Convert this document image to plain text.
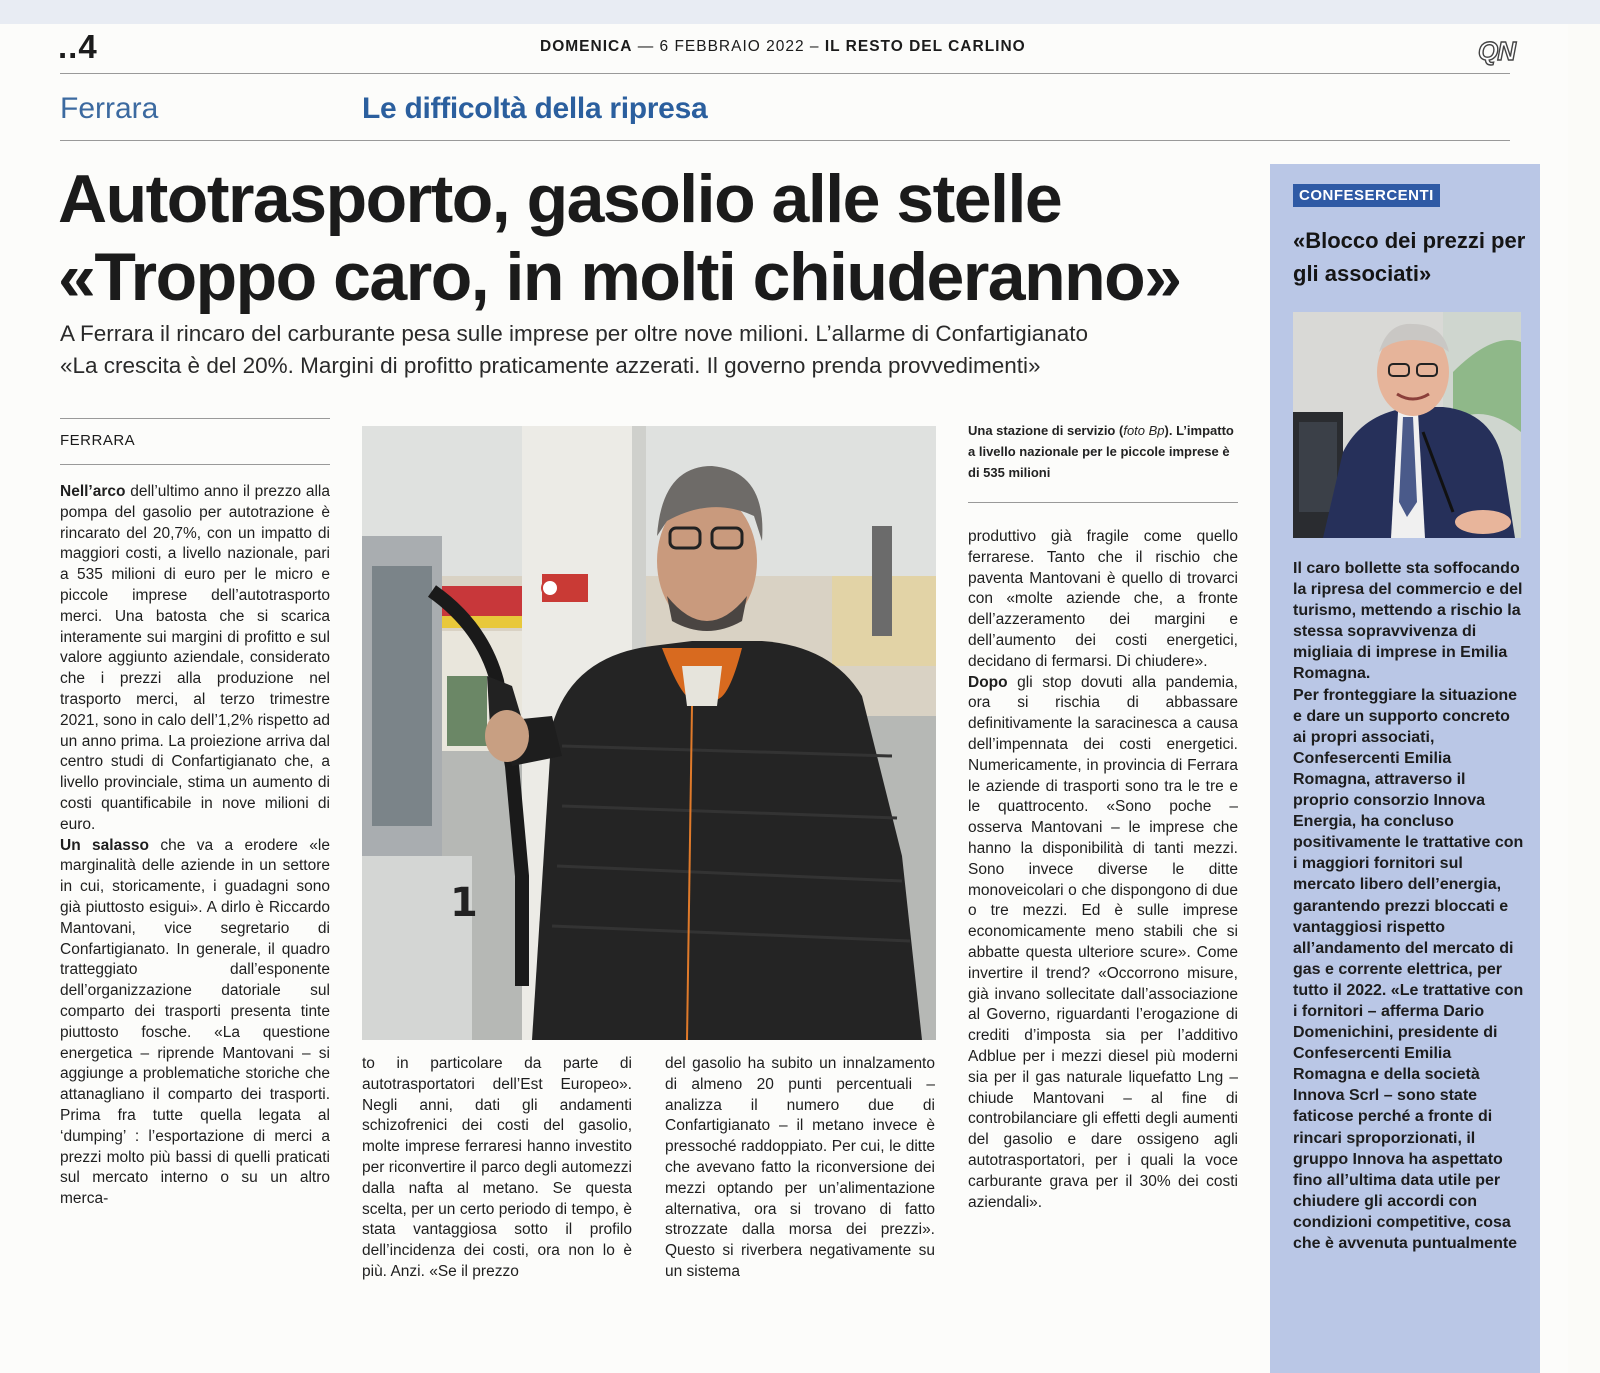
..4	DOMENICA — 6 FEBBRAIO 2022 – IL RESTO DEL CARLINO	QN
Ferrara	Le difficoltà della ripresa
Autotrasporto, gasolio alle stelle
«Troppo caro, in molti chiuderanno»
A Ferrara il rincaro del carburante pesa sulle imprese per oltre nove milioni. L’allarme di Confartigianato
«La crescita è del 20%. Margini di profitto praticamente azzerati. Il governo prenda provvedimenti»
FERRARA

Nell’arco dell’ultimo anno il prezzo alla pompa del gasolio per autotrazione è rincarato del 20,7%, con un impatto di maggiori costi, a livello nazionale, pari a 535 milioni di euro per le micro e piccole imprese dell’autotrasporto merci. Una batosta che si scarica interamente sui margini di profitto e sul valore aggiunto aziendale, considerato che i prezzi alla produzione nel trasporto merci, al terzo trimestre 2021, sono in calo dell’1,2% rispetto ad un anno prima. La proiezione arriva dal centro studi di Confartigianato che, a livello provinciale, stima un aumento di costi quantificabile in nove milioni di euro.

Un salasso che va a erodere «le marginalità delle aziende in un settore in cui, storicamente, i guadagni sono già piuttosto esigui». A dirlo è Riccardo Mantovani, vice segretario di Confartigianato. In generale, il quadro tratteggiato dall’esponente dell’organizzazione datoriale sul comparto dei trasporti presenta tinte piuttosto fosche. «La questione energetica – riprende Mantovani – si aggiunge a problematiche storiche che attanagliano il comparto dei trasporti. Prima fra tutte quella legata al ‘dumping’ : l’esportazione di merci a prezzi molto più bassi di quelli praticati sul mercato interno o su un altro merca-

1
Una stazione di servizio (foto Bp). L’impatto a livello nazionale per le piccole imprese è di 535 milioni

to in particolare da parte di autotrasportatori dell’Est Europeo». Negli anni, dati gli andamenti schizofrenici dei costi del gasolio, molte imprese ferraresi hanno investito per riconvertire il parco degli automezzi dalla nafta al metano. Se questa scelta, per un certo periodo di tempo, è stata vantaggiosa sotto il profilo dell’incidenza dei costi, ora non lo è più. Anzi. «Se il prezzo

del gasolio ha subito un innalzamento di almeno 20 punti percentuali – analizza il numero due di Confartigianato – il metano invece è pressoché raddoppiato. Per cui, le ditte che avevano fatto la riconversione dei mezzi optando per un’alimentazione alternativa, ora si trovano di fatto strozzate dalla morsa dei prezzi». Questo si riverbera negativamente su un sistema

produttivo già fragile come quello ferrarese. Tanto che il rischio che paventa Mantovani è quello di trovarci con «molte aziende che, a fronte dell’azzeramento dei margini e dell’aumento dei costi energetici, decidano di fermarsi. Di chiudere».

Dopo gli stop dovuti alla pandemia, ora si rischia di abbassare definitivamente la saracinesca a causa dell’impennata dei costi energetici. Numericamente, in provincia di Ferrara le aziende di trasporti sono tra le tre e le quattrocento. «Sono poche – osserva Mantovani – le imprese che hanno la disponibilità di tanti mezzi. Sono invece diverse le ditte monoveicolari o che dispongono di due o tre mezzi. Ed è sulle imprese economicamente meno stabili che si abbatte questa ulteriore scure». Come invertire il trend? «Occorrono misure, già invano sollecitate dall’associazione al Governo, riguardanti l’erogazione di crediti d’imposta sia per l’additivo Adblue per i mezzi diesel più moderni sia per il gas naturale liquefatto Lng – chiude Mantovani – al fine di controbilanciare gli effetti degli aumenti del gasolio e dare ossigeno agli autotrasportatori, per i quali la voce carburante grava per il 30% dei costi aziendali».

CONFESERCENTI
«Blocco dei prezzi per gli associati»

Il caro bollette sta soffocando la ripresa del commercio e del turismo, mettendo a rischio la stessa sopravvivenza di migliaia di imprese in Emilia Romagna.

Per fronteggiare la situazione e dare un supporto concreto ai propri associati, Confesercenti Emilia Romagna, attraverso il proprio consorzio Innova Energia, ha concluso positivamente le trattative con i maggiori fornitori sul mercato libero dell’energia, garantendo prezzi bloccati e vantaggiosi rispetto all’andamento del mercato di gas e corrente elettrica, per tutto il 2022. «Le trattative con i fornitori – afferma Dario Domenichini, presidente di Confesercenti Emilia Romagna e della società Innova Scrl – sono state faticose perché a fronte di rincari sproporzionati, il gruppo Innova ha aspettato fino all’ultima data utile per chiudere gli accordi con condizioni competitive, cosa che è avvenuta puntualmente
